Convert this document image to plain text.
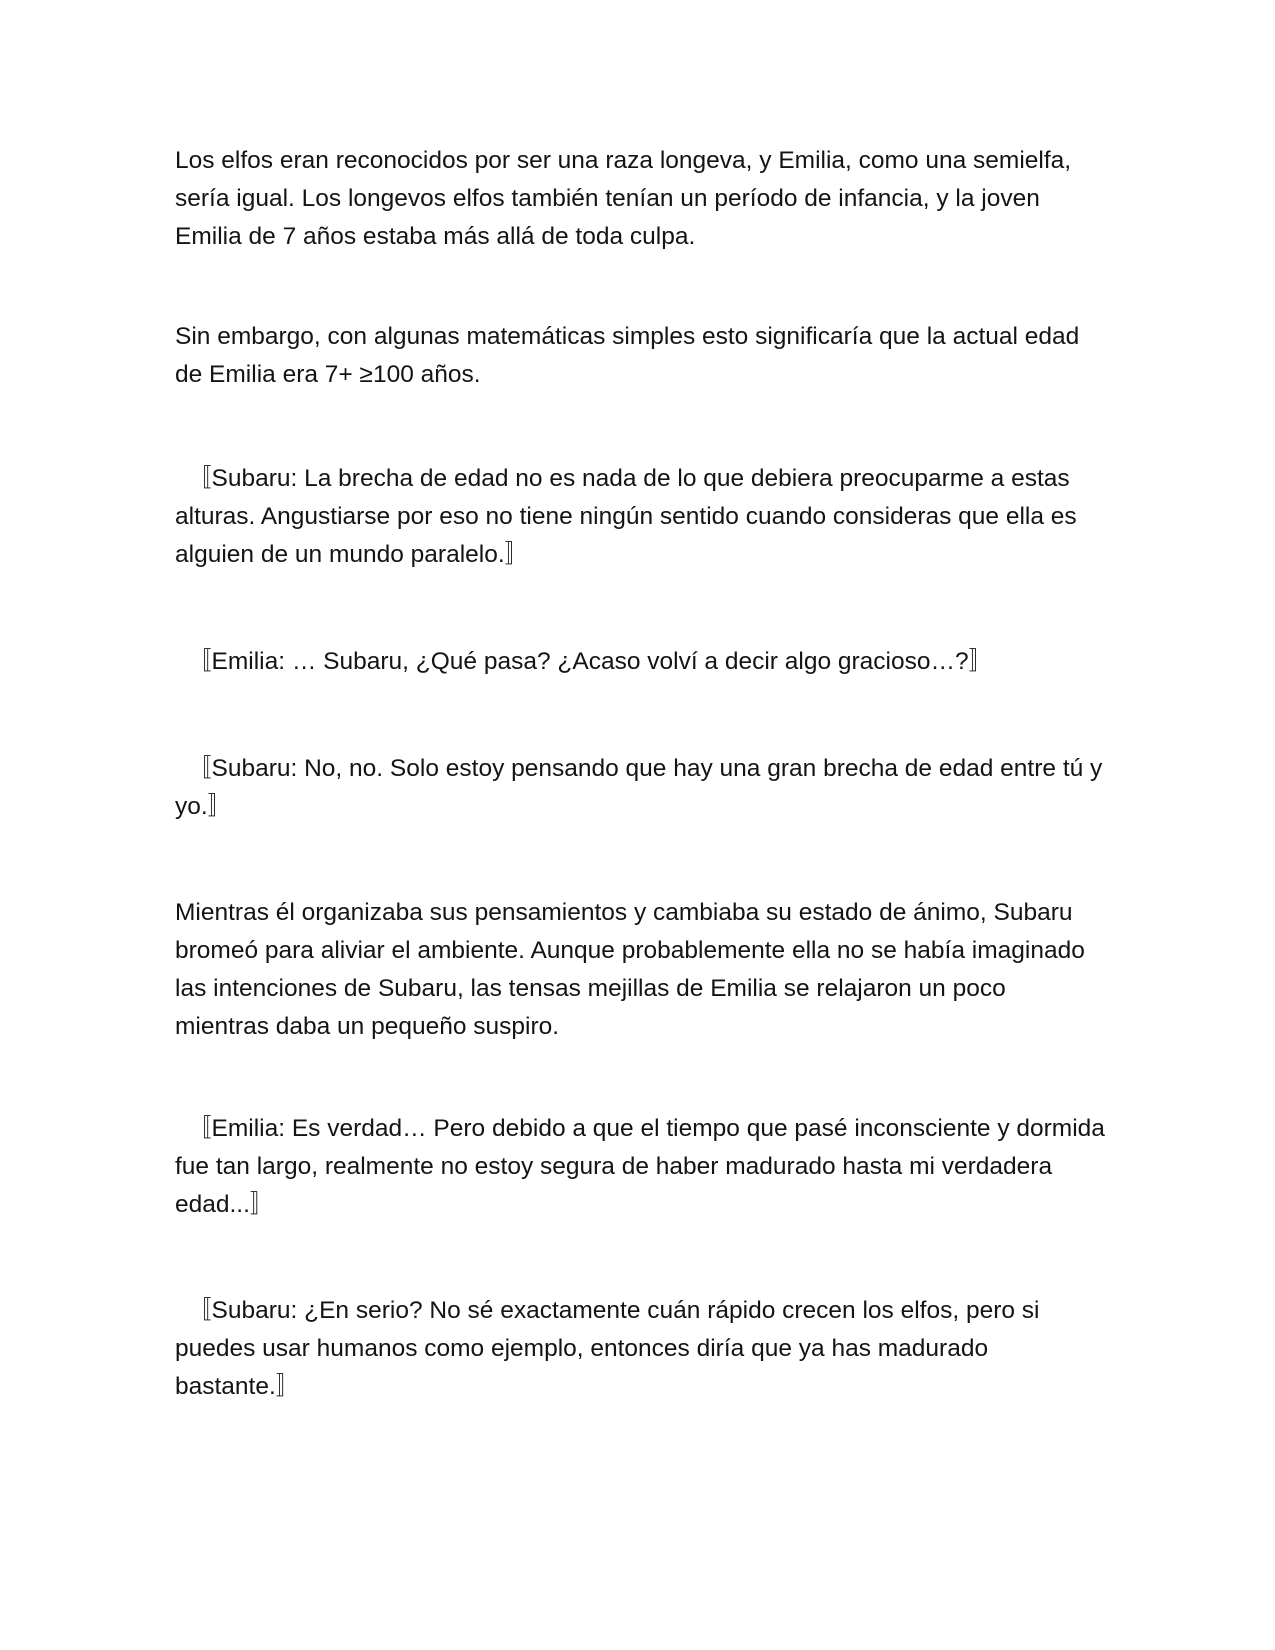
Los elfos eran reconocidos por ser una raza longeva, y Emilia, como una semielfa, sería igual. Los longevos elfos también tenían un período de infancia, y la joven Emilia de 7 años estaba más allá de toda culpa.

Sin embargo, con algunas matemáticas simples esto significaría que la actual edad de Emilia era 7+ ≥100 años.

〚Subaru: La brecha de edad no es nada de lo que debiera preocuparme a estas alturas. Angustiarse por eso no tiene ningún sentido cuando consideras que ella es alguien de un mundo paralelo.〛

〚Emilia: … Subaru, ¿Qué pasa? ¿Acaso volví a decir algo gracioso…?〛

〚Subaru: No, no. Solo estoy pensando que hay una gran brecha de edad entre tú y yo.〛

Mientras él organizaba sus pensamientos y cambiaba su estado de ánimo, Subaru bromeó para aliviar el ambiente. Aunque probablemente ella no se había imaginado las intenciones de Subaru, las tensas mejillas de Emilia se relajaron un poco mientras daba un pequeño suspiro.

〚Emilia: Es verdad… Pero debido a que el tiempo que pasé inconsciente y dormida fue tan largo, realmente no estoy segura de haber madurado hasta mi verdadera edad...〛

〚Subaru: ¿En serio? No sé exactamente cuán rápido crecen los elfos, pero si puedes usar humanos como ejemplo, entonces diría que ya has madurado bastante.〛
